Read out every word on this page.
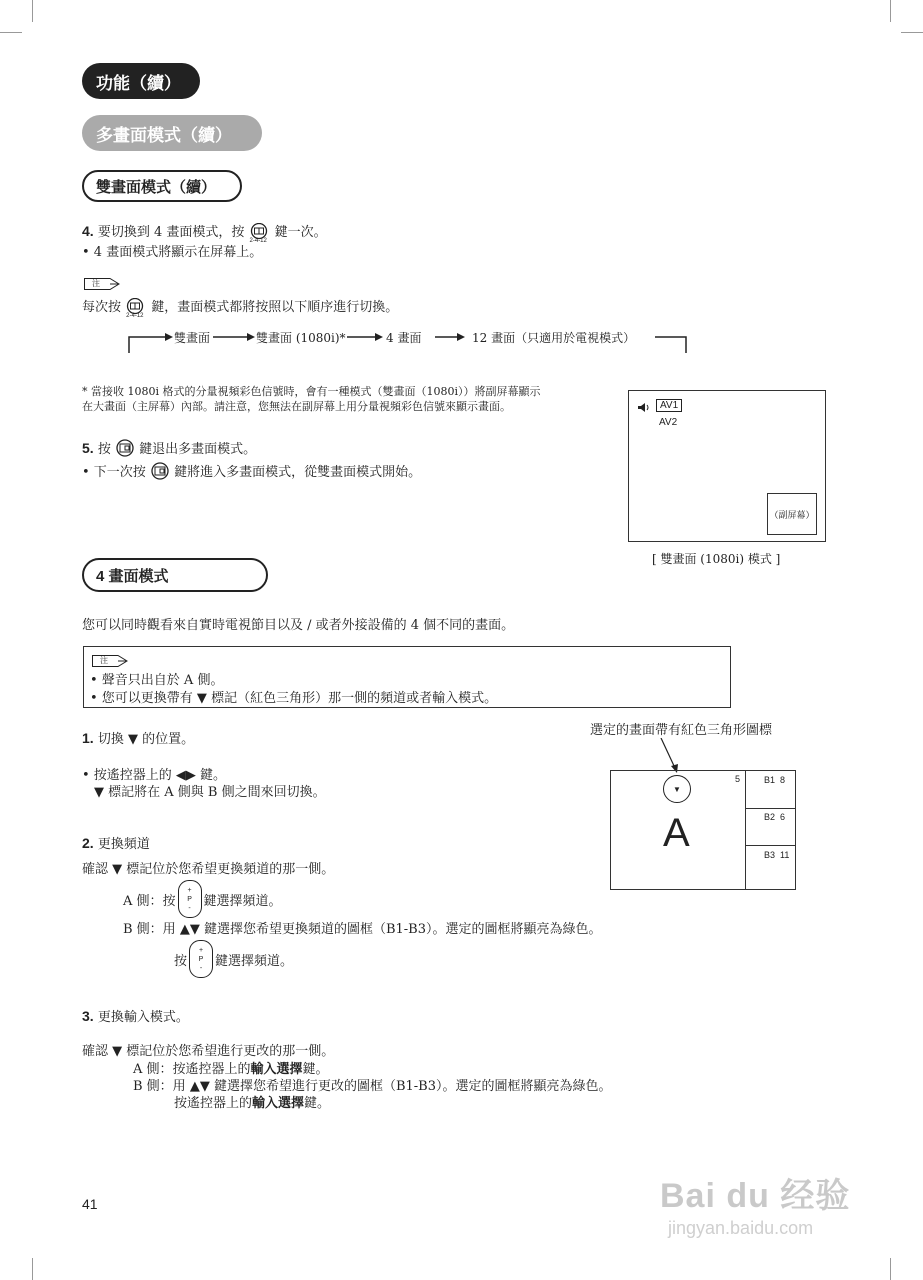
功能（續）
多畫面模式（續）
雙畫面模式（續）
4. 要切換到 4 畫面模式，按
2-4-12
鍵一次。
• 4 畫面模式將顯示在屏幕上。
注
每次按
2-4-12
鍵，畫面模式都將按照以下順序進行切換。
雙畫面	雙畫面 (1080i)*	4 畫面	12 畫面（只適用於電視模式）
* 當接收 1080i 格式的分量視頻彩色信號時，會有一種模式（雙畫面（1080i））將副屏幕顯示
在大畫面（主屏幕）內部。請注意，您無法在副屏幕上用分量視頻彩色信號來顯示畫面。
5. 按 鍵退出多畫面模式。
• 下一次按 鍵將進入多畫面模式，從雙畫面模式開始。
AV1
AV2
（副屏幕）
[ 雙畫面 (1080i) 模式 ]
4 畫面模式
您可以同時觀看來自實時電視節目以及 / 或者外接設備的 4 個不同的畫面。
注
• 聲音只出自於 A 側。
• 您可以更換帶有 ▼ 標記（紅色三角形）那一側的頻道或者輸入模式。
1. 切換 ▼ 的位置。
• 按遙控器上的 ◀▶ 鍵。
▼ 標記將在 A 側與 B 側之間來回切換。
2. 更換頻道
確認 ▼ 標記位於您希望更換頻道的那一側。
A 側：按
+
P
- 鍵選擇頻道。
B 側：用 ▲▼ 鍵選擇您希望更換頻道的圖框（B1-B3）。選定的圖框將顯亮為綠色。
按
+
P
- 鍵選擇頻道。
3. 更換輸入模式。
確認 ▼ 標記位於您希望進行更改的那一側。
A 側：按遙控器上的輸入選擇鍵。
B 側：用 ▲▼ 鍵選擇您希望進行更改的圖框（B1-B3）。選定的圖框將顯亮為綠色。
按遙控器上的輸入選擇鍵。
選定的畫面帶有紅色三角形圖標
▼
5
A
B1  8
B2  6
B3  11
41	Bai du 经验
jingyan.baidu.com
